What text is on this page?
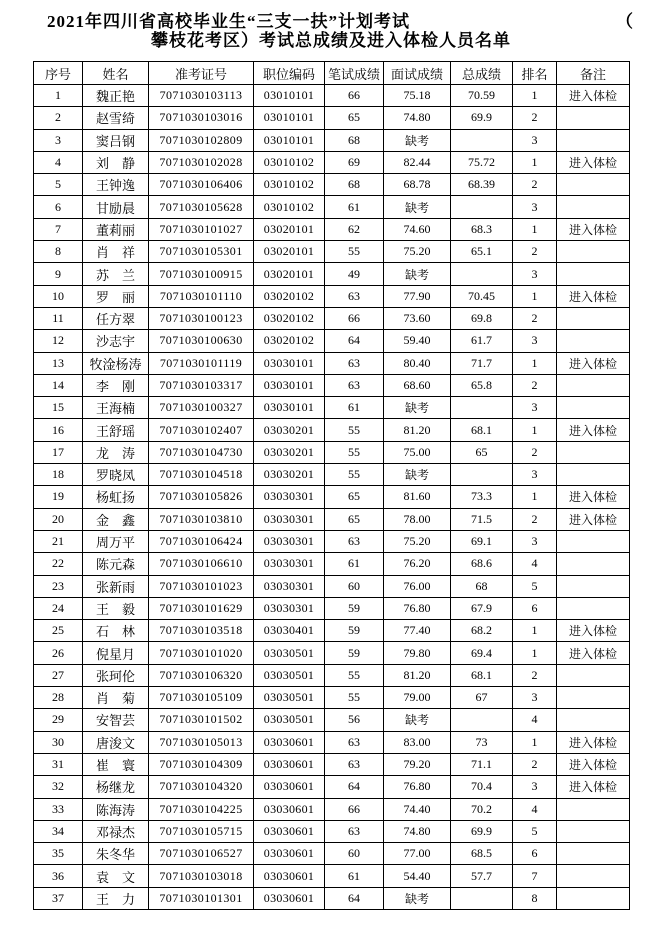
2021年四川省高校毕业生“三支一扶”计划考试	（
攀枝花考区）考试总成绩及进入体检人员名单
序号	姓名	准考证号	职位编码	笔试成绩	面试成绩	总成绩	排名	备注
1	魏正艳	7071030103113	03010101	66	75.18	70.59	1	进入体检
2	赵雪绮	7071030103016	03010101	65	74.80	69.9	2	
3	窦吕钢	7071030102809	03010101	68	缺考		3	
4	刘　静	7071030102028	03010102	69	82.44	75.72	1	进入体检
5	王钟逸	7071030106406	03010102	68	68.78	68.39	2	
6	甘励晨	7071030105628	03010102	61	缺考		3	
7	董莉丽	7071030101027	03020101	62	74.60	68.3	1	进入体检
8	肖　祥	7071030105301	03020101	55	75.20	65.1	2	
9	苏　兰	7071030100915	03020101	49	缺考		3	
10	罗　丽	7071030101110	03020102	63	77.90	70.45	1	进入体检
11	任方翠	7071030100123	03020102	66	73.60	69.8	2	
12	沙志宇	7071030100630	03020102	64	59.40	61.7	3	
13	牧淦杨涛	7071030101119	03030101	63	80.40	71.7	1	进入体检
14	李　刚	7071030103317	03030101	63	68.60	65.8	2	
15	王海楠	7071030100327	03030101	61	缺考		3	
16	王舒瑶	7071030102407	03030201	55	81.20	68.1	1	进入体检
17	龙　涛	7071030104730	03030201	55	75.00	65	2	
18	罗晓凤	7071030104518	03030201	55	缺考		3	
19	杨虹扬	7071030105826	03030301	65	81.60	73.3	1	进入体检
20	金　鑫	7071030103810	03030301	65	78.00	71.5	2	进入体检
21	周万平	7071030106424	03030301	63	75.20	69.1	3	
22	陈元森	7071030106610	03030301	61	76.20	68.6	4	
23	张新雨	7071030101023	03030301	60	76.00	68	5	
24	王　毅	7071030101629	03030301	59	76.80	67.9	6	
25	石　林	7071030103518	03030401	59	77.40	68.2	1	进入体检
26	倪星月	7071030101020	03030501	59	79.80	69.4	1	进入体检
27	张珂伦	7071030106320	03030501	55	81.20	68.1	2	
28	肖　菊	7071030105109	03030501	55	79.00	67	3	
29	安智芸	7071030101502	03030501	56	缺考		4	
30	唐浚文	7071030105013	03030601	63	83.00	73	1	进入体检
31	崔　寰	7071030104309	03030601	63	79.20	71.1	2	进入体检
32	杨继龙	7071030104320	03030601	64	76.80	70.4	3	进入体检
33	陈海涛	7071030104225	03030601	66	74.40	70.2	4	
34	邓禄杰	7071030105715	03030601	63	74.80	69.9	5	
35	朱冬华	7071030106527	03030601	60	77.00	68.5	6	
36	袁　文	7071030103018	03030601	61	54.40	57.7	7	
37	王　力	7071030101301	03030601	64	缺考		8	
